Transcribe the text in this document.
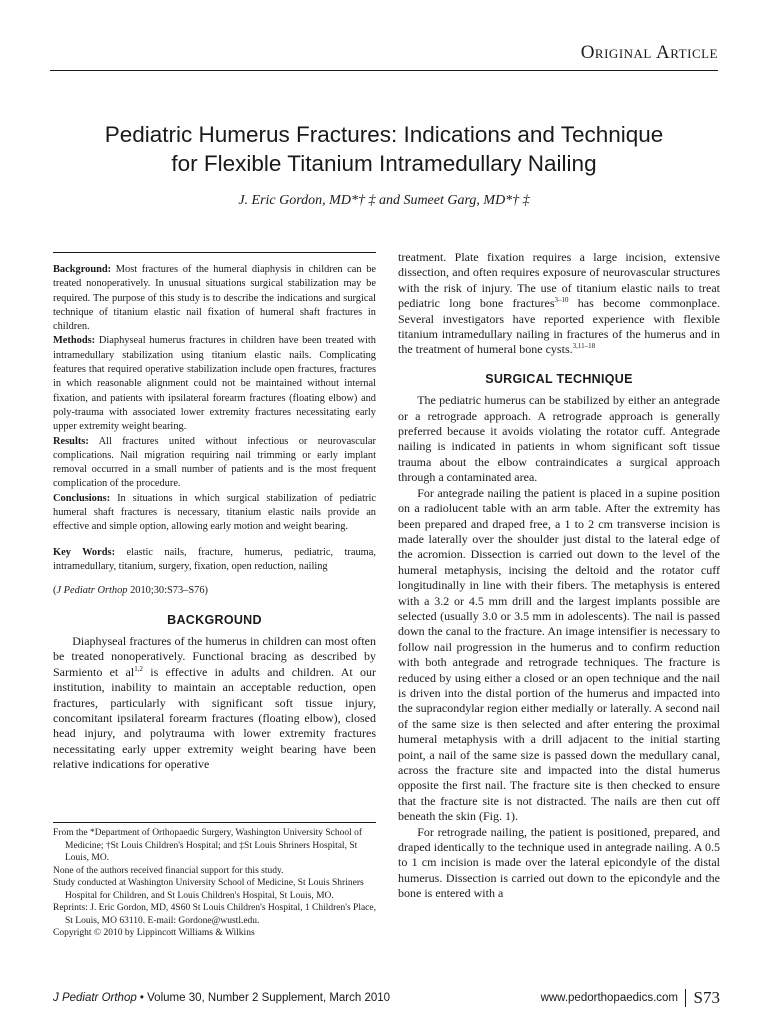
Original Article
Pediatric Humerus Fractures: Indications and Technique
for Flexible Titanium Intramedullary Nailing
J. Eric Gordon, MD*† ‡ and Sumeet Garg, MD*† ‡

Background: Most fractures of the humeral diaphysis in children can be treated nonoperatively. In unusual situations surgical stabilization may be required. The purpose of this study is to describe the indications and surgical technique of titanium elastic nail fixation of humeral shaft fractures in children.

Methods: Diaphyseal humerus fractures in children have been treated with intramedullary stabilization using titanium elastic nails. Complicating features that required operative stabilization include open fractures, fractures in which reasonable alignment could not be maintained without internal fixation, and patients with ipsilateral forearm fractures (floating elbow) and poly-trauma with associated lower extremity fractures necessitating early upper extremity weight bearing.

Results: All fractures united without infectious or neurovascular complications. Nail migration requiring nail trimming or early implant removal occurred in a small number of patients and is the most frequent complication of the procedure.

Conclusions: In situations in which surgical stabilization of pediatric humeral shaft fractures is necessary, titanium elastic nails provide an effective and simple option, allowing early motion and weight bearing.

Key Words: elastic nails, fracture, humerus, pediatric, trauma, intramedullary, titanium, surgery, fixation, open reduction, nailing

(J Pediatr Orthop 2010;30:S73–S76)

BACKGROUND

Diaphyseal fractures of the humerus in children can most often be treated nonoperatively. Functional bracing as described by Sarmiento et al$^{1,2}$ is effective in adults and children. At our institution, inability to maintain an acceptable reduction, open fractures, particularly with significant soft tissue injury, concomitant ipsilateral forearm fractures (floating elbow), closed head injury, and polytrauma with lower extremity fractures necessitating early upper extremity weight bearing have been relative indications for operative

From the *Department of Orthopaedic Surgery, Washington University School of Medicine; †St Louis Children's Hospital; and ‡St Louis Shriners Hospital, St Louis, MO.
None of the authors received financial support for this study.
Study conducted at Washington University School of Medicine, St Louis Shriners Hospital for Children, and St Louis Children's Hospital, St Louis, MO.
Reprints: J. Eric Gordon, MD, 4S60 St Louis Children's Hospital, 1 Children's Place, St Louis, MO 63110. E-mail: Gordone@wustl.edu.
Copyright © 2010 by Lippincott Williams & Wilkins

treatment. Plate fixation requires a large incision, extensive dissection, and often requires exposure of neurovascular structures with the risk of injury. The use of titanium elastic nails to treat pediatric long bone fractures$^{3-10}$ has become commonplace. Several investigators have reported experience with flexible titanium intramedullary nailing in fractures of the humerus and in the treatment of humeral bone cysts.$^{3,11-18}$

SURGICAL TECHNIQUE

The pediatric humerus can be stabilized by either an antegrade or a retrograde approach. A retrograde approach is generally preferred because it avoids violating the rotator cuff. Antegrade nailing is indicated in patients in whom significant soft tissue trauma about the elbow contraindicates a surgical approach through a contaminated area.

For antegrade nailing the patient is placed in a supine position on a radiolucent table with an arm table. After the extremity has been prepared and draped free, a 1 to 2 cm transverse incision is made laterally over the shoulder just distal to the lateral edge of the acromion. Dissection is carried out down to the level of the humeral metaphysis, incising the deltoid and the rotator cuff longitudinally in line with their fibers. The metaphysis is entered with a 3.2 or 4.5 mm drill and the largest implants possible are selected (usually 3.0 or 3.5 mm in adolescents). The nail is passed down the canal to the fracture. An image intensifier is necessary to follow nail progression in the humerus and to confirm reduction with both antegrade and retrograde techniques. The fracture is reduced by using either a closed or an open technique and the nail is driven into the distal portion of the humerus and impacted into the supracondylar region either medially or laterally. A second nail of the same size is then selected and after entering the proximal humeral metaphysis with a drill adjacent to the initial starting point, a nail of the same size is passed down the medullary canal, across the fracture site and impacted into the distal humerus opposite the first nail. The fracture site is then checked to ensure that the fracture site is not distracted. The nails are then cut off beneath the skin (Fig. 1).

For retrograde nailing, the patient is positioned, prepared, and draped identically to the technique used in antegrade nailing. A 0.5 to 1 cm incision is made over the lateral epicondyle of the distal humerus. Dissection is carried out down to the epicondyle and the bone is entered with a

J Pediatr Orthop • Volume 30, Number 2 Supplement, March 2010	www.pedorthopaedics.com S73
